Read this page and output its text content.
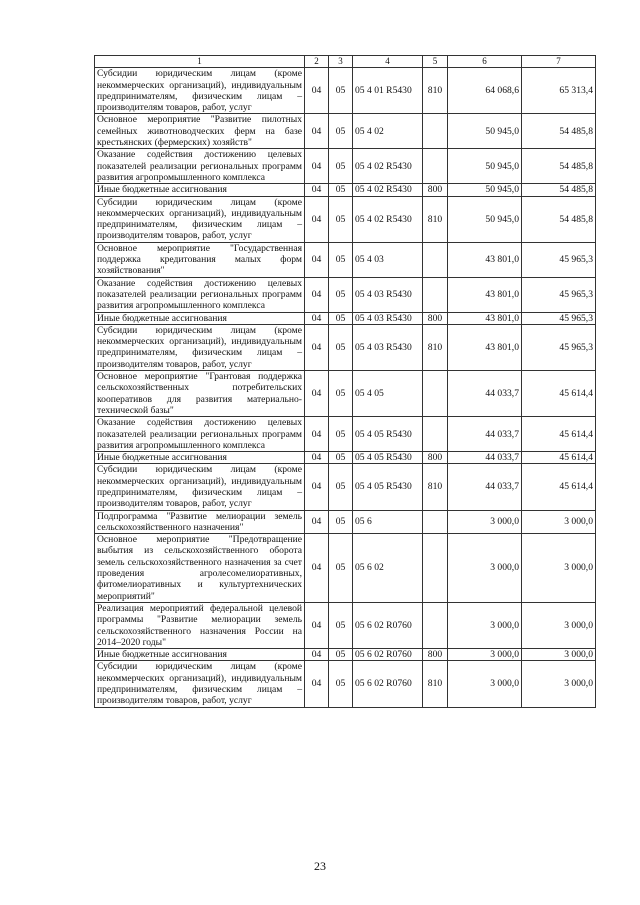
1	2	3	4	5	6	7
Субсидии юридическим лицам (кроме некоммерческих организаций), индивидуальным предпринимателям, физическим лицам – производителям товаров, работ, услуг	04	05	05 4 01 R5430	810	64 068,6	65 313,4
Основное мероприятие "Развитие пилотных семейных животноводческих ферм на базе крестьянских (фермерских) хозяйств"	04	05	05 4 02		50 945,0	54 485,8
Оказание содействия достижению целевых показателей реализации региональных программ развития агропромышленного комплекса	04	05	05 4 02 R5430		50 945,0	54 485,8
Иные бюджетные ассигнования	04	05	05 4 02 R5430	800	50 945,0	54 485,8
Субсидии юридическим лицам (кроме некоммерческих организаций), индивидуальным предпринимателям, физическим лицам – производителям товаров, работ, услуг	04	05	05 4 02 R5430	810	50 945,0	54 485,8
Основное мероприятие "Государственная поддержка кредитования малых форм хозяйствования"	04	05	05 4 03		43 801,0	45 965,3
Оказание содействия достижению целевых показателей реализации региональных программ развития агропромышленного комплекса	04	05	05 4 03 R5430		43 801,0	45 965,3
Иные бюджетные ассигнования	04	05	05 4 03 R5430	800	43 801,0	45 965,3
Субсидии юридическим лицам (кроме некоммерческих организаций), индивидуальным предпринимателям, физическим лицам – производителям товаров, работ, услуг	04	05	05 4 03 R5430	810	43 801,0	45 965,3
Основное мероприятие "Грантовая поддержка сельскохозяйственных потребительских кооперативов для развития материально-технической базы"	04	05	05 4 05		44 033,7	45 614,4
Оказание содействия достижению целевых показателей реализации региональных программ развития агропромышленного комплекса	04	05	05 4 05 R5430		44 033,7	45 614,4
Иные бюджетные ассигнования	04	05	05 4 05 R5430	800	44 033,7	45 614,4
Субсидии юридическим лицам (кроме некоммерческих организаций), индивидуальным предпринимателям, физическим лицам – производителям товаров, работ, услуг	04	05	05 4 05 R5430	810	44 033,7	45 614,4
Подпрограмма "Развитие мелиорации земель сельскохозяйственного назначения"	04	05	05 6		3 000,0	3 000,0
Основное мероприятие "Предотвращение выбытия из сельскохозяйственного оборота земель сельскохозяйственного назначения за счет проведения агролесомелиоративных, фитомелиоративных и культуртехнических мероприятий"	04	05	05 6 02		3 000,0	3 000,0
Реализация мероприятий федеральной целевой программы "Развитие мелиорации земель сельскохозяйственного назначения России на 2014–2020 годы"	04	05	05 6 02 R0760		3 000,0	3 000,0
Иные бюджетные ассигнования	04	05	05 6 02 R0760	800	3 000,0	3 000,0
Субсидии юридическим лицам (кроме некоммерческих организаций), индивидуальным предпринимателям, физическим лицам – производителям товаров, работ, услуг	04	05	05 6 02 R0760	810	3 000,0	3 000,0
23
